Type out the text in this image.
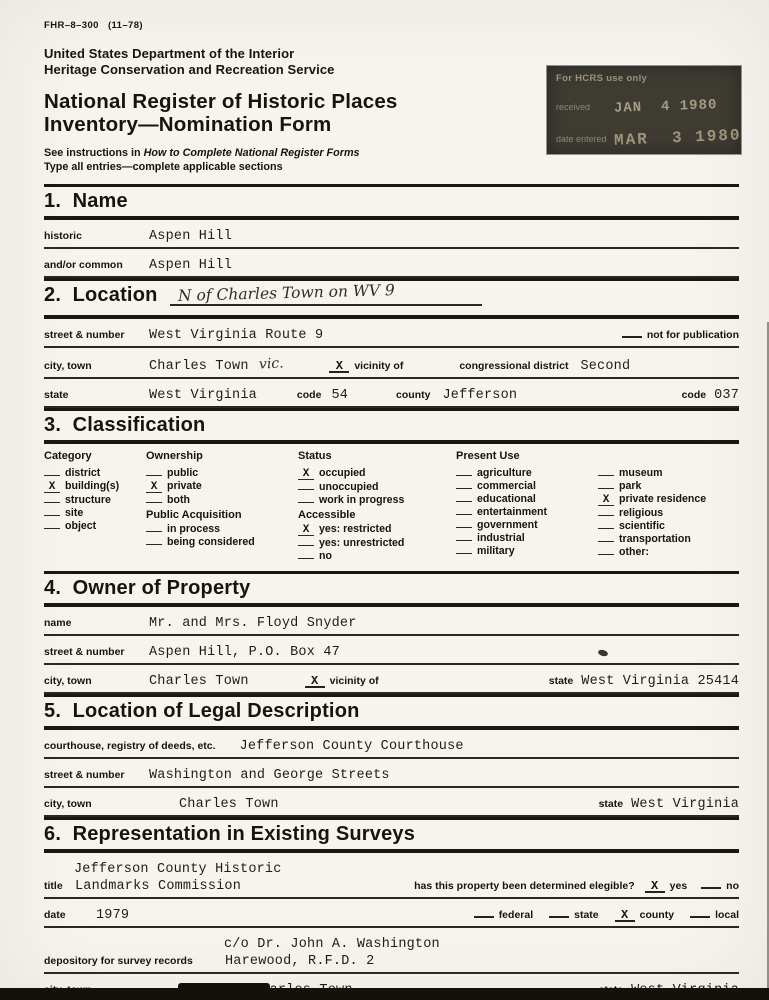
FHR–8–300   (11–78)
United States Department of the Interior
Heritage Conservation and Recreation Service
National Register of Historic Places
Inventory—Nomination Form
See instructions in How to Complete National Register Forms
Type all entries—complete applicable sections
1.  Name
historic	Aspen Hill
and/or common	Aspen Hill
2.  Location	N of Charles Town on WV 9
street & number	West Virginia Route 9	not for publication
city, town	Charles Town vic.	X	vicinity of	congressional district Second
state	West Virginia	code 54	county Jefferson	code 037
3.  Classification
Category
district
X building(s)
structure
site
object
Ownership
public
X private
both
Public Acquisition
in process
being considered
Status
X occupied
unoccupied
work in progress
Accessible
X yes: restricted
yes: unrestricted
no
Present Use
agriculture
commercial
educational
entertainment
government
industrial
military

museum
park
X private residence
religious
scientific
transportation
other:
4.  Owner of Property
name	Mr. and Mrs. Floyd Snyder
street & number	Aspen Hill, P.O. Box 47
city, town	Charles Town	X	vicinity of	state West Virginia 25414
5.  Location of Legal Description
courthouse, registry of deeds, etc. Jefferson County Courthouse
street & number	Washington and George Streets
city, town	Charles Town	state West Virginia
6.  Representation in Existing Surveys
Jefferson County Historic
title Landmarks Commission	has this property been determined elegible?	X	yes	no
date	1979	federal	state	X	county	local
c/o Dr. John A. Washington
depository for survey records	Harewood, R.F.D. 2
For HCRS use only
received	JAN  4 1980
date entered MAR  3 1980
